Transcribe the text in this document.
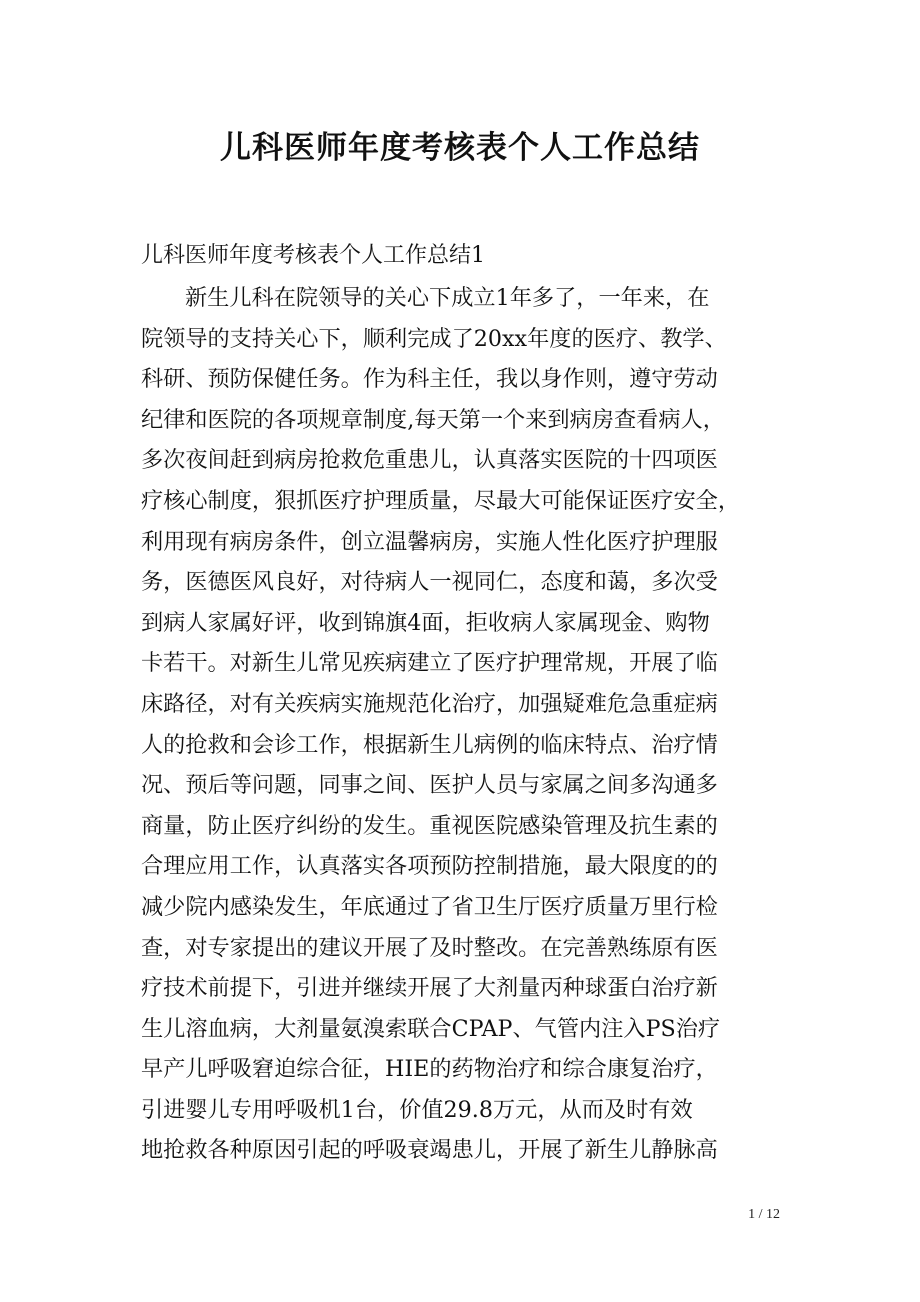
儿科医师年度考核表个人工作总结
儿科医师年度考核表个人工作总结1
新生儿科在院领导的关心下成立1年多了，一年来，在
院领导的支持关心下，顺利完成了20xx年度的医疗、教学、
科研、预防保健任务。作为科主任，我以身作则，遵守劳动
纪律和医院的各项规章制度,每天第一个来到病房查看病人，
多次夜间赶到病房抢救危重患儿，认真落实医院的十四项医
疗核心制度，狠抓医疗护理质量，尽最大可能保证医疗安全，
利用现有病房条件，创立温馨病房，实施人性化医疗护理服
务，医德医风良好，对待病人一视同仁，态度和蔼，多次受
到病人家属好评，收到锦旗4面，拒收病人家属现金、购物
卡若干。对新生儿常见疾病建立了医疗护理常规，开展了临
床路径，对有关疾病实施规范化治疗，加强疑难危急重症病
人的抢救和会诊工作，根据新生儿病例的临床特点、治疗情
况、预后等问题，同事之间、医护人员与家属之间多沟通多
商量，防止医疗纠纷的发生。重视医院感染管理及抗生素的
合理应用工作，认真落实各项预防控制措施，最大限度的的
减少院内感染发生，年底通过了省卫生厅医疗质量万里行检
查，对专家提出的建议开展了及时整改。在完善熟练原有医
疗技术前提下，引进并继续开展了大剂量丙种球蛋白治疗新
生儿溶血病，大剂量氨溴索联合CPAP、气管内注入PS治疗
早产儿呼吸窘迫综合征，HIE的药物治疗和综合康复治疗，
引进婴儿专用呼吸机1台，价值29.8万元，从而及时有效
地抢救各种原因引起的呼吸衰竭患儿，开展了新生儿静脉高
1 / 12
